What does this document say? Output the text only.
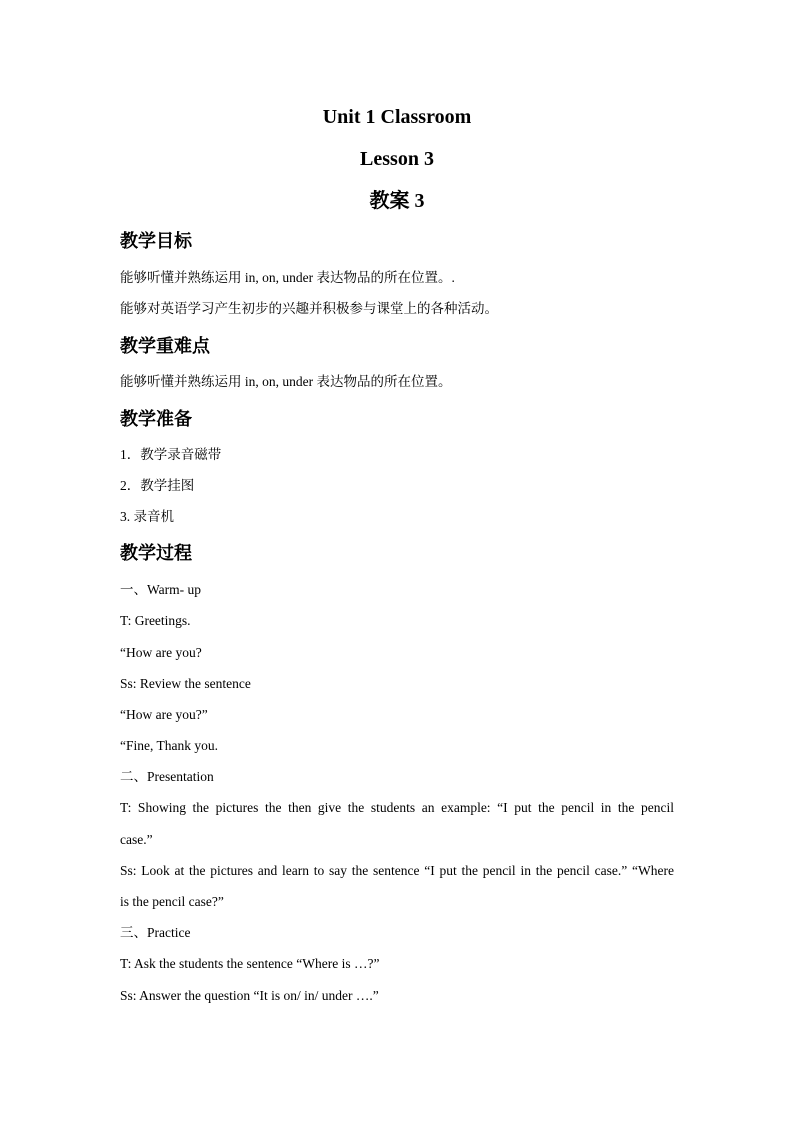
Unit 1 Classroom
Lesson 3
教案 3
教学目标
能够听懂并熟练运用 in, on, under 表达物品的所在位置。.
能够对英语学习产生初步的兴趣并积极参与课堂上的各种活动。
教学重难点
能够听懂并熟练运用 in, on, under 表达物品的所在位置。
教学准备
1．教学录音磁带
2．教学挂图
3. 录音机
教学过程
一、Warm- up
T: Greetings.
“How are you?
Ss: Review the sentence
“How are you?”
“Fine, Thank you.
二、Presentation
T: Showing the pictures the then give the students an example: “I put the pencil in the pencil
case.”
Ss: Look at the pictures and learn to say the sentence “I put the pencil in the pencil case.” “Where
is the pencil case?”
三、Practice
T: Ask the students the sentence “Where is …?”
Ss: Answer the question “It is on/ in/ under ….”
